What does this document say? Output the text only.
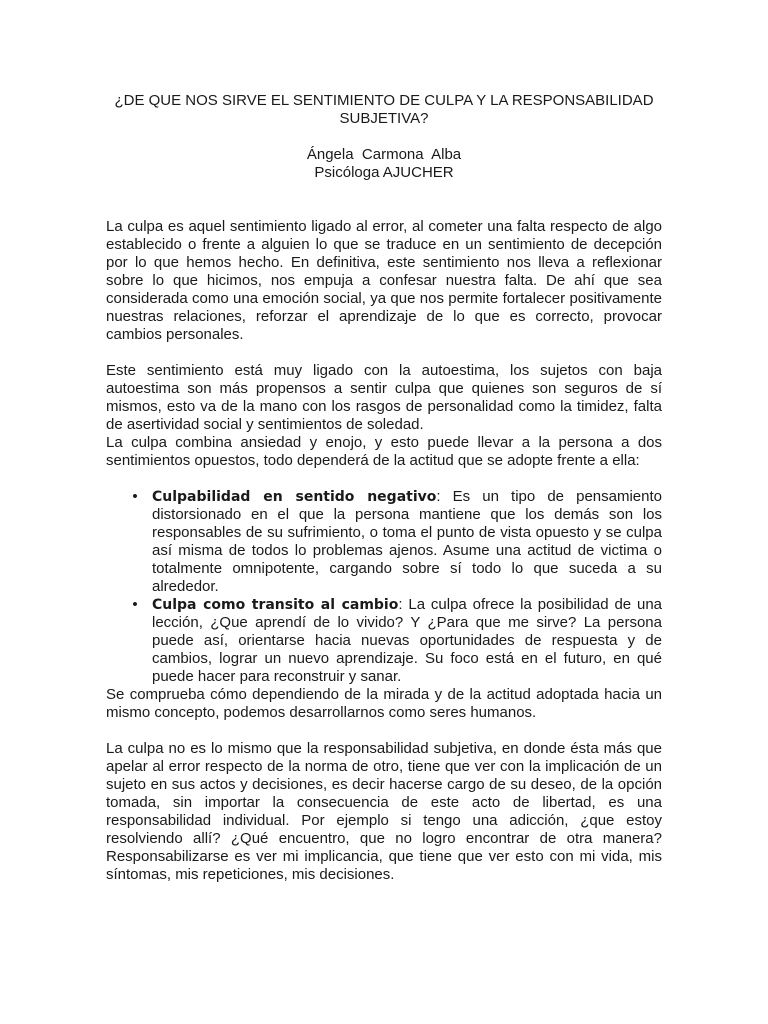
¿DE QUE NOS SIRVE EL SENTIMIENTO DE CULPA Y LA RESPONSABILIDAD SUBJETIVA?
Ángela  Carmona  Alba
Psicóloga AJUCHER

La culpa es aquel sentimiento ligado al error, al cometer una falta respecto de algo establecido o frente a alguien lo que se traduce en un sentimiento de decepción por lo que hemos hecho. En definitiva, este sentimiento nos lleva a reflexionar sobre lo que hicimos, nos empuja a confesar nuestra falta. De ahí que sea considerada como una emoción social, ya que nos permite fortalecer positivamente nuestras relaciones, reforzar el aprendizaje de lo que es correcto, provocar cambios personales.

Este sentimiento está muy ligado con la autoestima, los sujetos con baja autoestima son más propensos a sentir culpa que quienes son seguros de sí mismos, esto va de la mano con los rasgos de personalidad como la timidez, falta de asertividad social y sentimientos de soledad.

La culpa combina ansiedad y enojo, y esto puede llevar a la persona a dos sentimientos opuestos, todo dependerá de la actitud que se adopte frente a ella:

• Culpabilidad en sentido negativo: Es un tipo de pensamiento distorsionado en el que la persona mantiene que los demás son los responsables de su sufrimiento, o toma el punto de vista opuesto y se culpa así misma de todos lo problemas ajenos. Asume una actitud de victima o totalmente omnipotente, cargando sobre sí todo lo que suceda a su alrededor.
• Culpa como transito al cambio: La culpa ofrece la posibilidad de una lección, ¿Que aprendí de lo vivido? Y ¿Para que me sirve? La persona puede así, orientarse hacia nuevas oportunidades de respuesta y de cambios, lograr un nuevo aprendizaje. Su foco está en el futuro, en qué puede hacer para reconstruir y sanar.

Se comprueba cómo dependiendo de la mirada y de la actitud adoptada hacia un mismo concepto, podemos desarrollarnos como seres humanos.

La culpa no es lo mismo que la responsabilidad subjetiva, en donde ésta más que apelar al error respecto de la norma de otro, tiene que ver con la implicación de un sujeto en sus actos y decisiones, es decir hacerse cargo de su deseo, de la opción tomada, sin importar la consecuencia de este acto de libertad, es una responsabilidad individual. Por ejemplo si tengo una adicción, ¿que estoy resolviendo allí? ¿Qué encuentro, que no logro encontrar de otra manera? Responsabilizarse es ver mi implicancia, que tiene que ver esto con mi vida, mis síntomas, mis repeticiones, mis decisiones.
